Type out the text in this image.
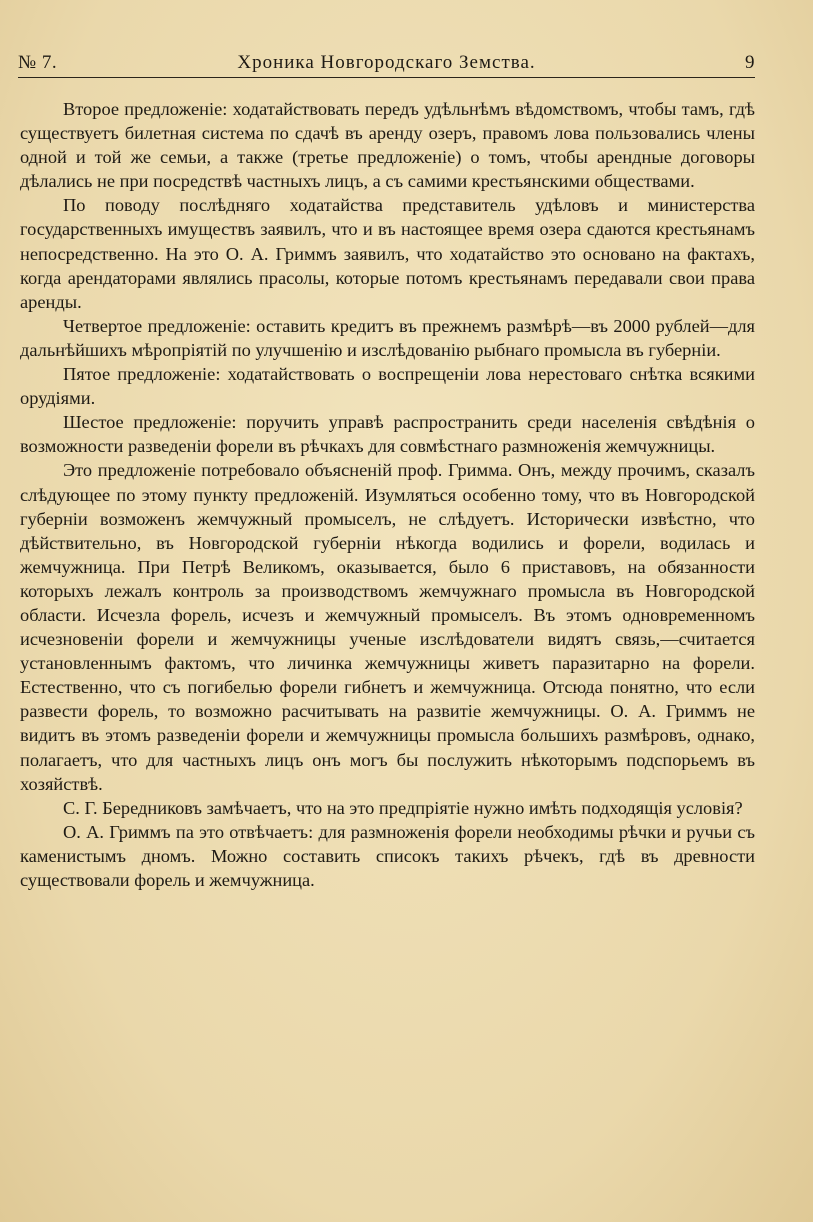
№ 7.	Хроника Новгородскаго Земства.	9

Второе предложеніе: ходатайствовать передъ удѣльнѣмъ вѣдомствомъ, чтобы тамъ, гдѣ существуетъ билетная система по сдачѣ въ аренду озеръ, правомъ лова пользовались члены одной и той же семьи, а также (третье предложеніе) о томъ, чтобы арендные договоры дѣлались не при посредствѣ частныхъ лицъ, а съ самими крестьянскими обществами.

По поводу послѣдняго ходатайства представитель удѣловъ и министерства государственныхъ имуществъ заявилъ, что и въ настоящее время озера сдаются крестьянамъ непосредственно. На это О. А. Гриммъ заявилъ, что ходатайство это основано на фактахъ, когда арендаторами являлись прасолы, которые потомъ крестьянамъ передавали свои права аренды.

Четвертое предложеніе: оставить кредитъ въ прежнемъ размѣрѣ—въ 2000 рублей—для дальнѣйшихъ мѣропріятій по улучшенію и изслѣдованію рыбнаго промысла въ губерніи.

Пятое предложеніе: ходатайствовать о воспрещеніи лова нерестоваго снѣтка всякими орудіями.

Шестое предложеніе: поручить управѣ распространить среди населенія свѣдѣнія о возможности разведеніи форели въ рѣчкахъ для совмѣстнаго размноженія жемчужницы.

Это предложеніе потребовало объясненій проф. Гримма. Онъ, между прочимъ, сказалъ слѣдующее по этому пункту предложеній. Изумляться особенно тому, что въ Новгородской губерніи возможенъ жемчужный промыселъ, не слѣдуетъ. Исторически извѣстно, что дѣйствительно, въ Новгородской губерніи нѣкогда водились и форели, водилась и жемчужница. При Петрѣ Великомъ, оказывается, было 6 приставовъ, на обязанности которыхъ лежалъ контроль за производствомъ жемчужнаго промысла въ Новгородской области. Исчезла форель, исчезъ и жемчужный промыселъ. Въ этомъ одновременномъ исчезновеніи форели и жемчужницы ученые изслѣдователи видятъ связь,—считается установленнымъ фактомъ, что личинка жемчужницы живетъ паразитарно на форели. Естественно, что съ погибелью форели гибнетъ и жемчужница. Отсюда понятно, что если развести форель, то возможно расчитывать на развитіе жемчужницы. О. А. Гриммъ не видитъ въ этомъ разведеніи форели и жемчужницы промысла большихъ размѣровъ, однако, полагаетъ, что для частныхъ лицъ онъ могъ бы послужить нѣкоторымъ подспорьемъ въ хозяйствѣ.

С. Г. Бередниковъ замѣчаетъ, что на это предпріятіе нужно имѣть подходящія условія?

О. А. Гриммъ па это отвѣчаетъ: для размноженія форели необходимы рѣчки и ручьи съ каменистымъ дномъ. Можно составить списокъ такихъ рѣчекъ, гдѣ въ древности существовали форель и жемчужница.
